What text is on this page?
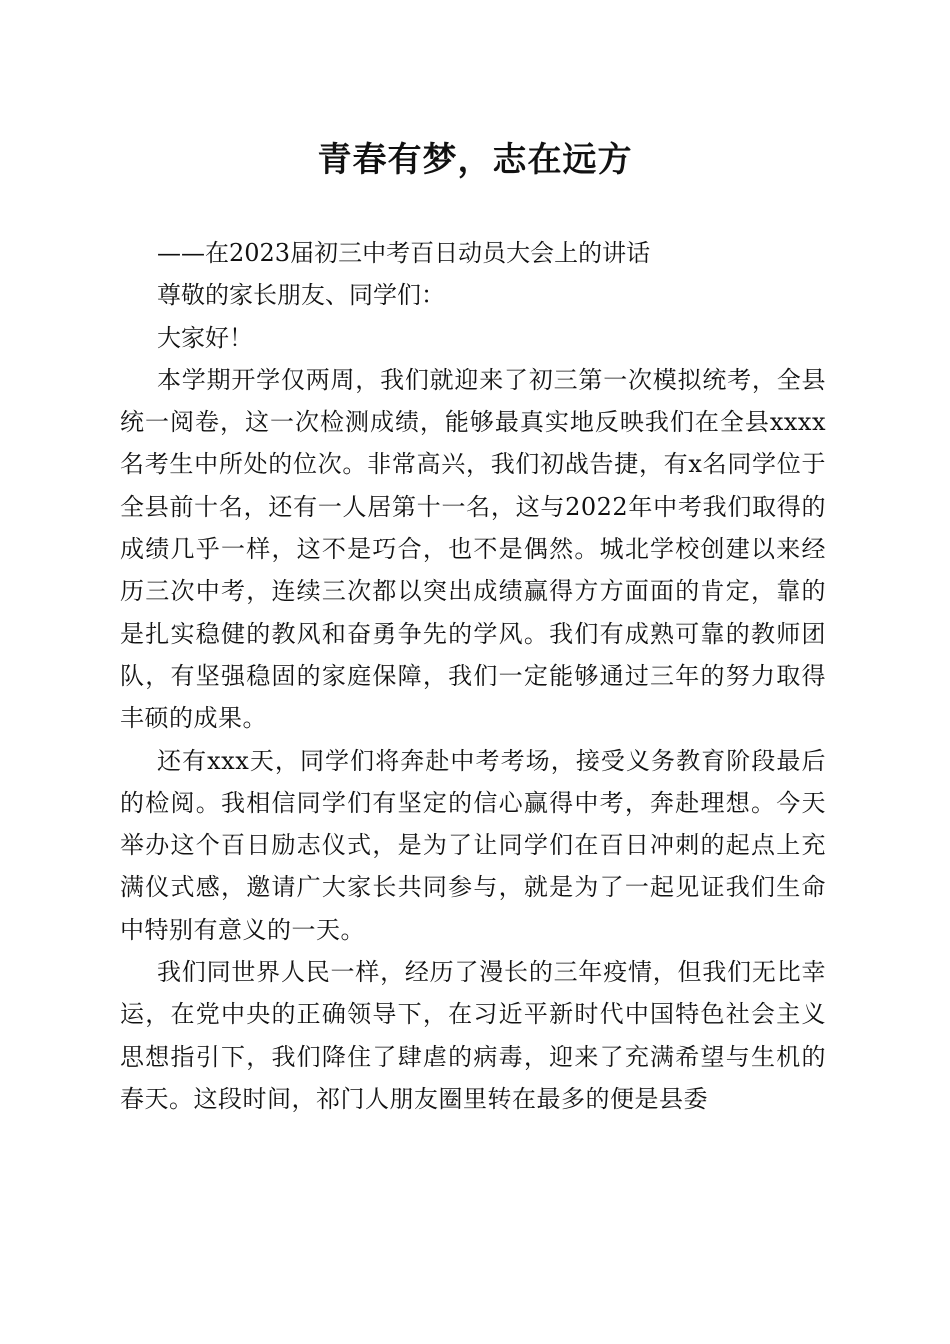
青春有梦，志在远方
——在2023届初三中考百日动员大会上的讲话
尊敬的家长朋友、同学们：
大家好！

本学期开学仅两周，我们就迎来了初三第一次模拟统考，全县统一阅卷，这一次检测成绩，能够最真实地反映我们在全县xxxx名考生中所处的位次。非常高兴，我们初战告捷，有x名同学位于全县前十名，还有一人居第十一名，这与2022年中考我们取得的成绩几乎一样，这不是巧合，也不是偶然。城北学校创建以来经历三次中考，连续三次都以突出成绩赢得方方面面的肯定，靠的是扎实稳健的教风和奋勇争先的学风。我们有成熟可靠的教师团队，有坚强稳固的家庭保障，我们一定能够通过三年的努力取得丰硕的成果。

还有xxx天，同学们将奔赴中考考场，接受义务教育阶段最后的检阅。我相信同学们有坚定的信心赢得中考，奔赴理想。今天举办这个百日励志仪式，是为了让同学们在百日冲刺的起点上充满仪式感，邀请广大家长共同参与，就是为了一起见证我们生命中特别有意义的一天。

我们同世界人民一样，经历了漫长的三年疫情，但我们无比幸运，在党中央的正确领导下，在习近平新时代中国特色社会主义思想指引下，我们降住了肆虐的病毒，迎来了充满希望与生机的春天。这段时间，祁门人朋友圈里转在最多的便是县委
